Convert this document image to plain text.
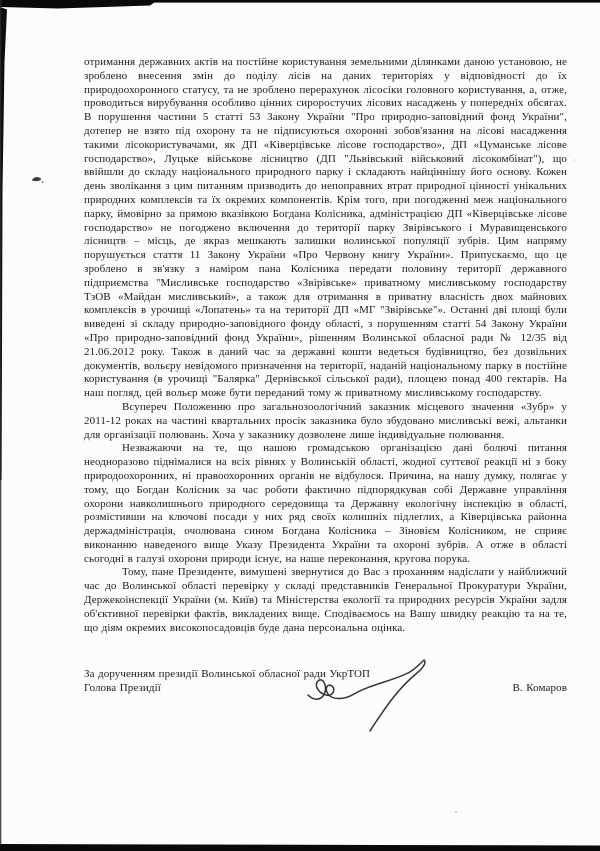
отримання державних актів на постійне користування земельними ділянками даною установою, не зроблено внесення змін до поділу лісів на даних територіях у відповідності до їх природоохоронного статусу, та не зроблено перерахунок лісосіки головного користування, а, отже, проводиться вирубування особливо цінних сироростучих лісових насаджень у попередніх обсягах. В порушення частини 5 статті 53 Закону України "Про природно-заповідний фонд України", дотепер не взято під охорону та не підписуються охоронні зобов'язання на лісові насадження такими лісокористувачами, як ДП «Ківерцівське лісове господарство», ДП «Цуманське лісове господарство», Луцьке військове лісництво (ДП "Львівський військовий лісокомбінат"), що ввійшли до складу національного природного парку і складають найціннішу його основу. Кожен день зволікання з цим питанням призводить до непоправних втрат природної цінності унікальних природних комплексів та їх окремих компонентів. Крім того, при погодженні меж національного парку, ймовірно за прямою вказівкою Богдана Колісника, адміністрацією ДП «Ківерцівське лісове господарство» не погоджено включення до території парку Звірівського і Муравищенського лісництв – місць, де якраз мешкають залишки волинської популяції зубрів. Цим напряму порушується стаття 11 Закону України «Про Червону книгу України». Припускаємо, що це зроблено в зв'язку з наміром пана Колісника передати половину території державного підприємства "Мисливське господарство «Звірівське» приватному мисливському господарству ТзОВ «Майдан мисливський», а також для отримання в приватну власність двох майнових комплексів в урочищі «Лопатень» та на території ДП «МГ "Звірівське"». Останні дві площі були виведені зі складу природно-заповідного фонду області, з порушенням статті 54 Закону України «Про природно-заповідний фонд України», рішенням Волинської обласної ради № 12/35 від 21.06.2012 року. Також в даний час за державні кошти ведеться будівництво, без дозвільних документів, вольєру невідомого призначення на території, наданій національному парку в постійне користування (в урочищі "Балярка" Дернівської сільської ради), площею понад 400 гектарів. На наш погляд, цей вольєр може бути переданий тому ж приватному мисливському господарству.

Всупереч Положенню про загальнозоологічний заказник місцевого значення «Зубр» у 2011-12 роках на частині квартальних просік заказника було збудовано мисливські вежі, альтанки для організації полювань. Хоча у заказнику дозволене лише індивідуальне полювання.

Незважаючи на те, що нашою громадською організацією дані болючі питання неодноразово піднімалися на всіх рівнях у Волинській області, жодної суттєвої реакції ні з боку природоохоронних, ні правоохоронних органів не відбулося. Причина, на нашу думку, полягає у тому, що Богдан Колісник за час роботи фактично підпорядкував собі Державне управління охорони навколишнього природного середовища та Державну екологічну інспекцію в області, розмістивши на ключові посади у них ряд своїх колишніх підлеглих, а Ківерцівська районна держадміністрація, очолювана сином Богдана Колісника – Зіновієм Колісником, не сприяє виконанню наведеного вище Указу Президента України та охороні зубрів. А отже в області сьогодні в галузі охорони природи існує, на наше переконання, кругова порука.

Тому, пане Президенте, вимушені звернутися до Вас з проханням надіслати у найближчий час до Волинської області перевірку у складі представників Генеральної Прокуратури України, Держекоінспекції України (м. Київ) та Міністерства екології та природних ресурсів України задля об'єктивної перевірки фактів, викладених вище. Сподіваємось на Вашу швидку реакцію та на те, що діям окремих високопосадовців буде дана персональна оцінка.

За дорученням президії Волинської обласної ради УкрТОП
Голова Президії	В. Комаров
